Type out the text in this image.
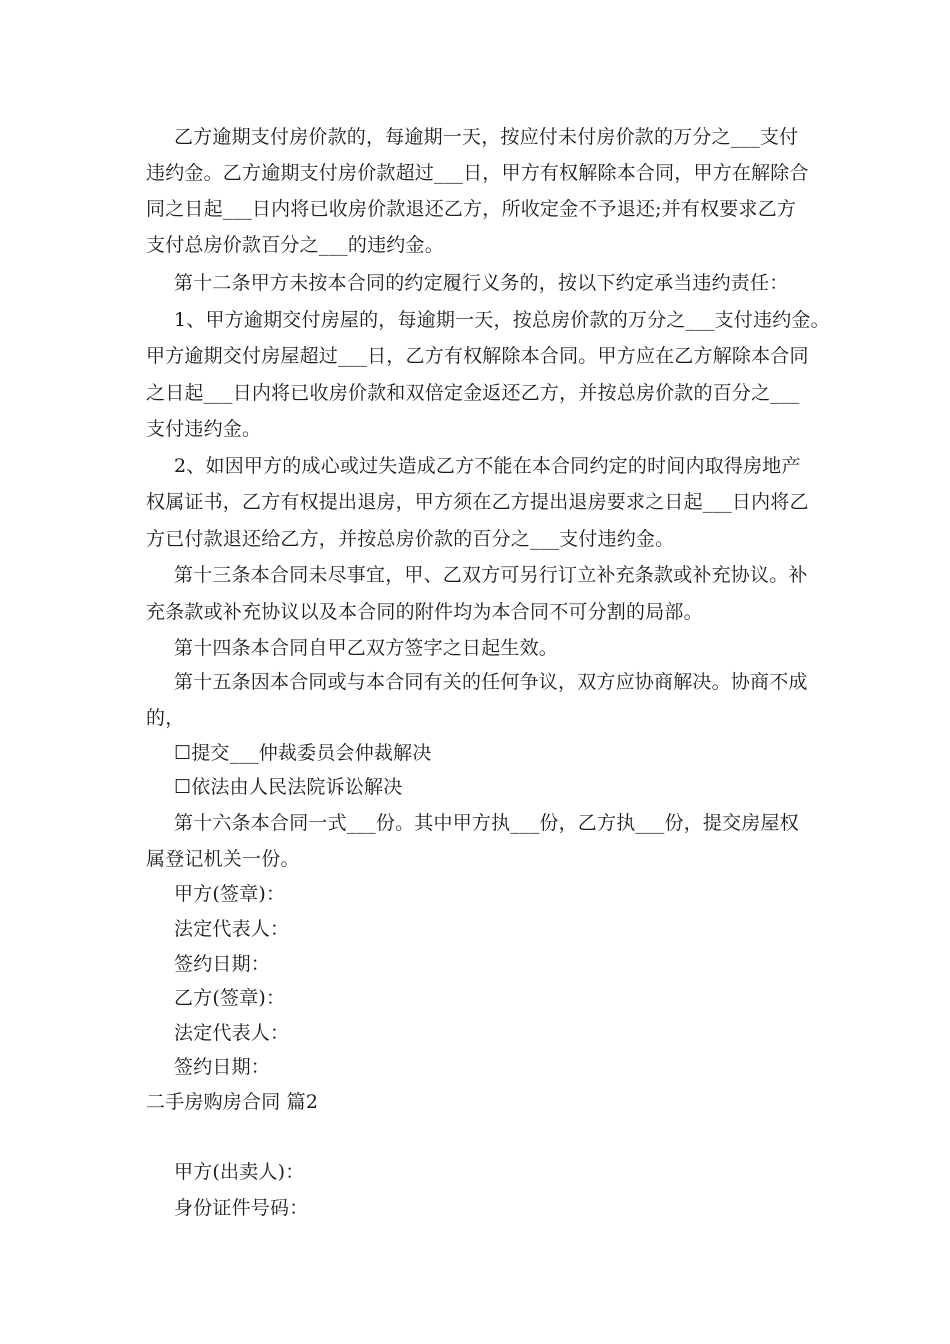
乙方逾期支付房价款的，每逾期一天，按应付未付房价款的万分之___支付
违约金。乙方逾期支付房价款超过___日，甲方有权解除本合同，甲方在解除合
同之日起___日内将已收房价款退还乙方，所收定金不予退还;并有权要求乙方
支付总房价款百分之___的违约金。
第十二条甲方未按本合同的约定履行义务的，按以下约定承当违约责任：
1、甲方逾期交付房屋的，每逾期一天，按总房价款的万分之___支付违约金。
甲方逾期交付房屋超过___日，乙方有权解除本合同。甲方应在乙方解除本合同
之日起___日内将已收房价款和双倍定金返还乙方，并按总房价款的百分之___
支付违约金。
2、如因甲方的成心或过失造成乙方不能在本合同约定的时间内取得房地产
权属证书，乙方有权提出退房，甲方须在乙方提出退房要求之日起___日内将乙
方已付款退还给乙方，并按总房价款的百分之___支付违约金。
第十三条本合同未尽事宜，甲、乙双方可另行订立补充条款或补充协议。补
充条款或补充协议以及本合同的附件均为本合同不可分割的局部。
第十四条本合同自甲乙双方签字之日起生效。
第十五条因本合同或与本合同有关的任何争议，双方应协商解决。协商不成
的，
☐提交___仲裁委员会仲裁解决
☐依法由人民法院诉讼解决
第十六条本合同一式___份。其中甲方执___份，乙方执___份，提交房屋权
属登记机关一份。
甲方(签章)：
法定代表人：
签约日期：
乙方(签章)：
法定代表人：
签约日期：
二手房购房合同 篇2
甲方(出卖人)：
身份证件号码：
